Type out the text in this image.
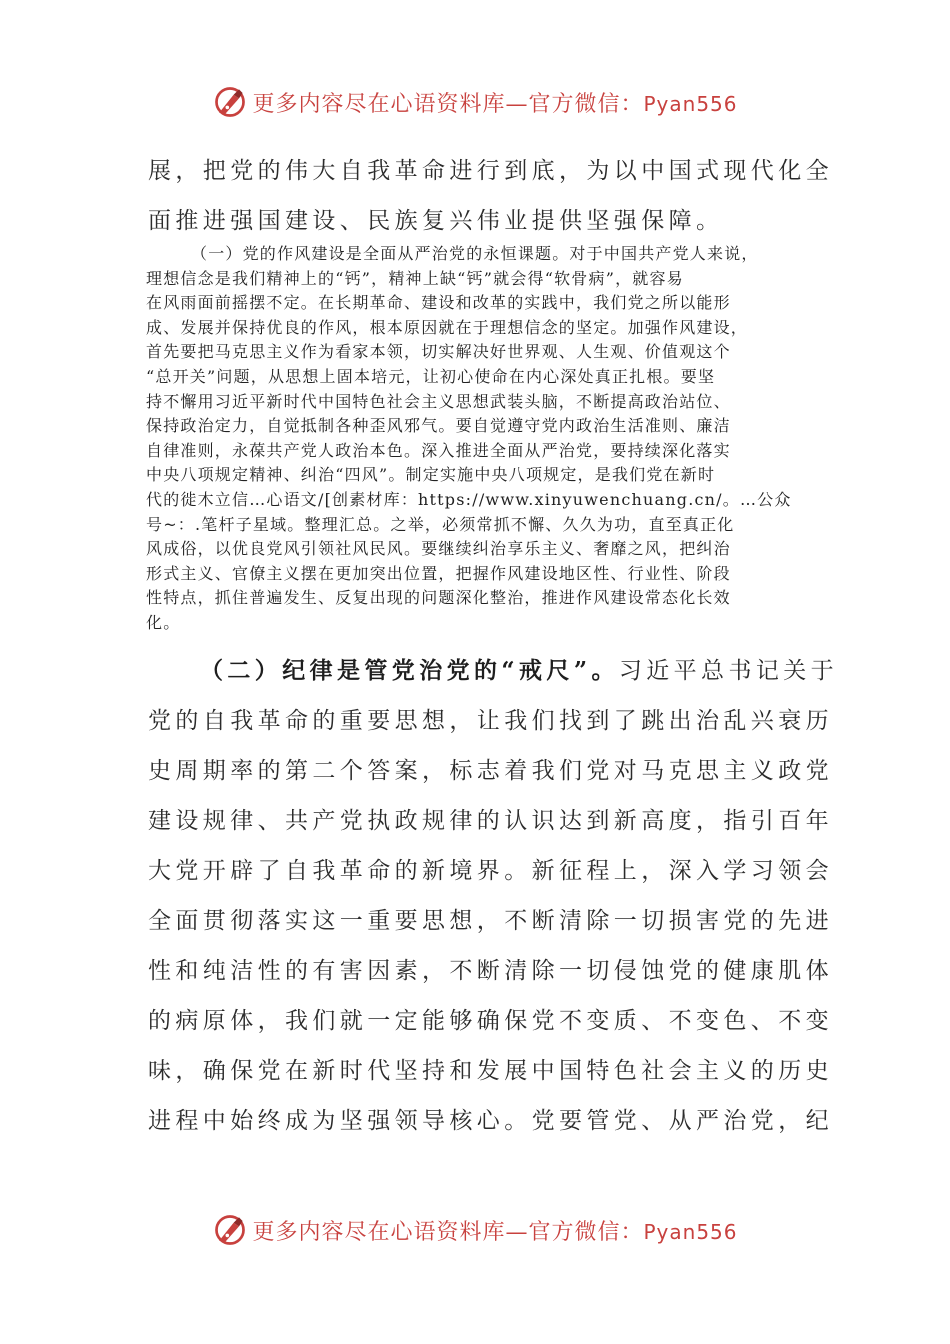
更多内容尽在心语资料库—官方微信：Pyan556
展，把党的伟大自我革命进行到底，为以中国式现代化全
面推进强国建设、民族复兴伟业提供坚强保障。
（一）党的作风建设是全面从严治党的永恒课题。对于中国共产党人来说，
理想信念是我们精神上的“钙”，精神上缺“钙”就会得“软骨病”，就容易
在风雨面前摇摆不定。在长期革命、建设和改革的实践中，我们党之所以能形
成、发展并保持优良的作风，根本原因就在于理想信念的坚定。加强作风建设，
首先要把马克思主义作为看家本领，切实解决好世界观、人生观、价值观这个
“总开关”问题，从思想上固本培元，让初心使命在内心深处真正扎根。要坚
持不懈用习近平新时代中国特色社会主义思想武装头脑，不断提高政治站位、
保持政治定力，自觉抵制各种歪风邪气。要自觉遵守党内政治生活准则、廉洁
自律准则，永葆共产党人政治本色。深入推进全面从严治党，要持续深化落实
中央八项规定精神、纠治“四风”。制定实施中央八项规定，是我们党在新时
代的徙木立信…心语文/[创素材库：https://www.xinyuwenchuang.cn/。…公众
号~：.笔杆子星域。整理汇总。之举，必须常抓不懈、久久为功，直至真正化
风成俗，以优良党风引领社风民风。要继续纠治享乐主义、奢靡之风，把纠治
形式主义、官僚主义摆在更加突出位置，把握作风建设地区性、行业性、阶段
性特点，抓住普遍发生、反复出现的问题深化整治，推进作风建设常态化长效
化。
（二）纪律是管党治党的“戒尺”。习近平总书记关于
党的自我革命的重要思想，让我们找到了跳出治乱兴衰历
史周期率的第二个答案，标志着我们党对马克思主义政党
建设规律、共产党执政规律的认识达到新高度，指引百年
大党开辟了自我革命的新境界。新征程上，深入学习领会
全面贯彻落实这一重要思想，不断清除一切损害党的先进
性和纯洁性的有害因素，不断清除一切侵蚀党的健康肌体
的病原体，我们就一定能够确保党不变质、不变色、不变
味，确保党在新时代坚持和发展中国特色社会主义的历史
进程中始终成为坚强领导核心。党要管党、从严治党，纪
更多内容尽在心语资料库—官方微信：Pyan556
